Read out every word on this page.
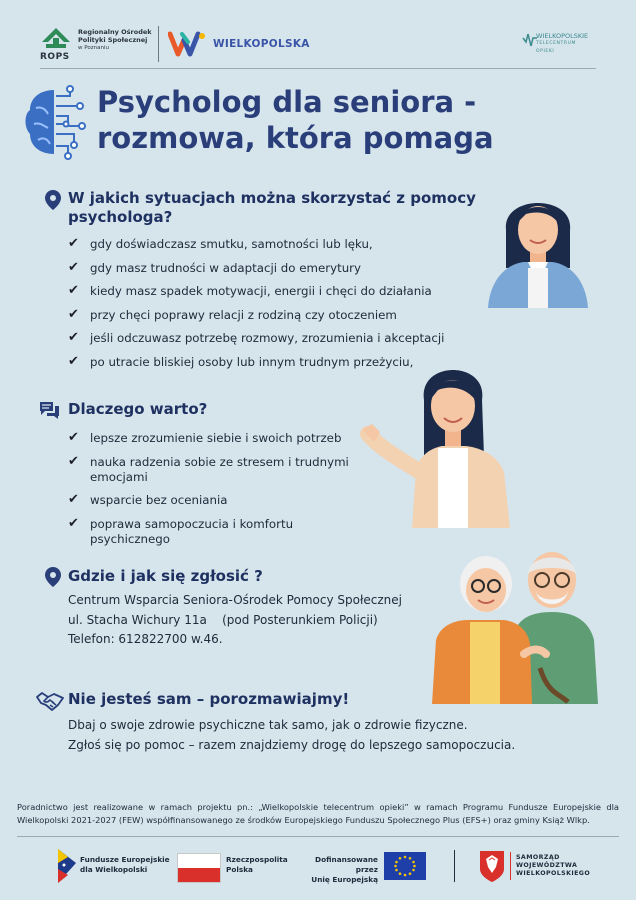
Regionalny Ośrodek
Polityki Społecznej
w Poznaniu
ROPS
WIELKOPOLSKA
WIELKOPOLSKIE
TELECENTRUM
OPIEKI
Psycholog dla seniora -
rozmowa, która pomaga
W jakich sytuacjach można skorzystać z pomocy
psychologa?
✔ gdy doświadczasz smutku, samotności lub lęku,
✔ gdy masz trudności w adaptacji do emerytury
✔ kiedy masz spadek motywacji, energii i chęci do działania
✔ przy chęci poprawy relacji z rodziną czy otoczeniem
✔ jeśli odczuwasz potrzebę rozmowy, zrozumienia i akceptacji
✔ po utracie bliskiej osoby lub innym trudnym przeżyciu,
Dlaczego warto?
✔ lepsze zrozumienie siebie i swoich potrzeb
✔ nauka radzenia sobie ze stresem i trudnymi emocjami
✔ wsparcie bez oceniania
✔ poprawa samopoczucia i komfortu psychicznego
Gdzie i jak się zgłosić ?
Centrum Wsparcia Seniora-Ośrodek Pomocy Społecznej
ul. Stacha Wichury 11a    (pod Posterunkiem Policji)
Telefon: 612822700 w.46.
Nie jesteś sam – porozmawiajmy!
Dbaj o swoje zdrowie psychiczne tak samo, jak o zdrowie fizyczne.
Zgłoś się po pomoc – razem znajdziemy drogę do lepszego samopoczucia.
Poradnictwo jest realizowane w ramach projektu pn.: „Wielkopolskie telecentrum opieki” w ramach Programu Fundusze Europejskie dla Wielkopolski 2021-2027 (FEW) współfinansowanego ze środków Europejskiego Funduszu Społecznego Plus (EFS+) oraz gminy Książ Wlkp.
Fundusze Europejskie
dla Wielkopolski
Rzeczpospolita
Polska
Dofinansowane przez
Unię Europejską
SAMORZĄD
WOJEWÓDZTWA
WIELKOPOLSKIEGO
